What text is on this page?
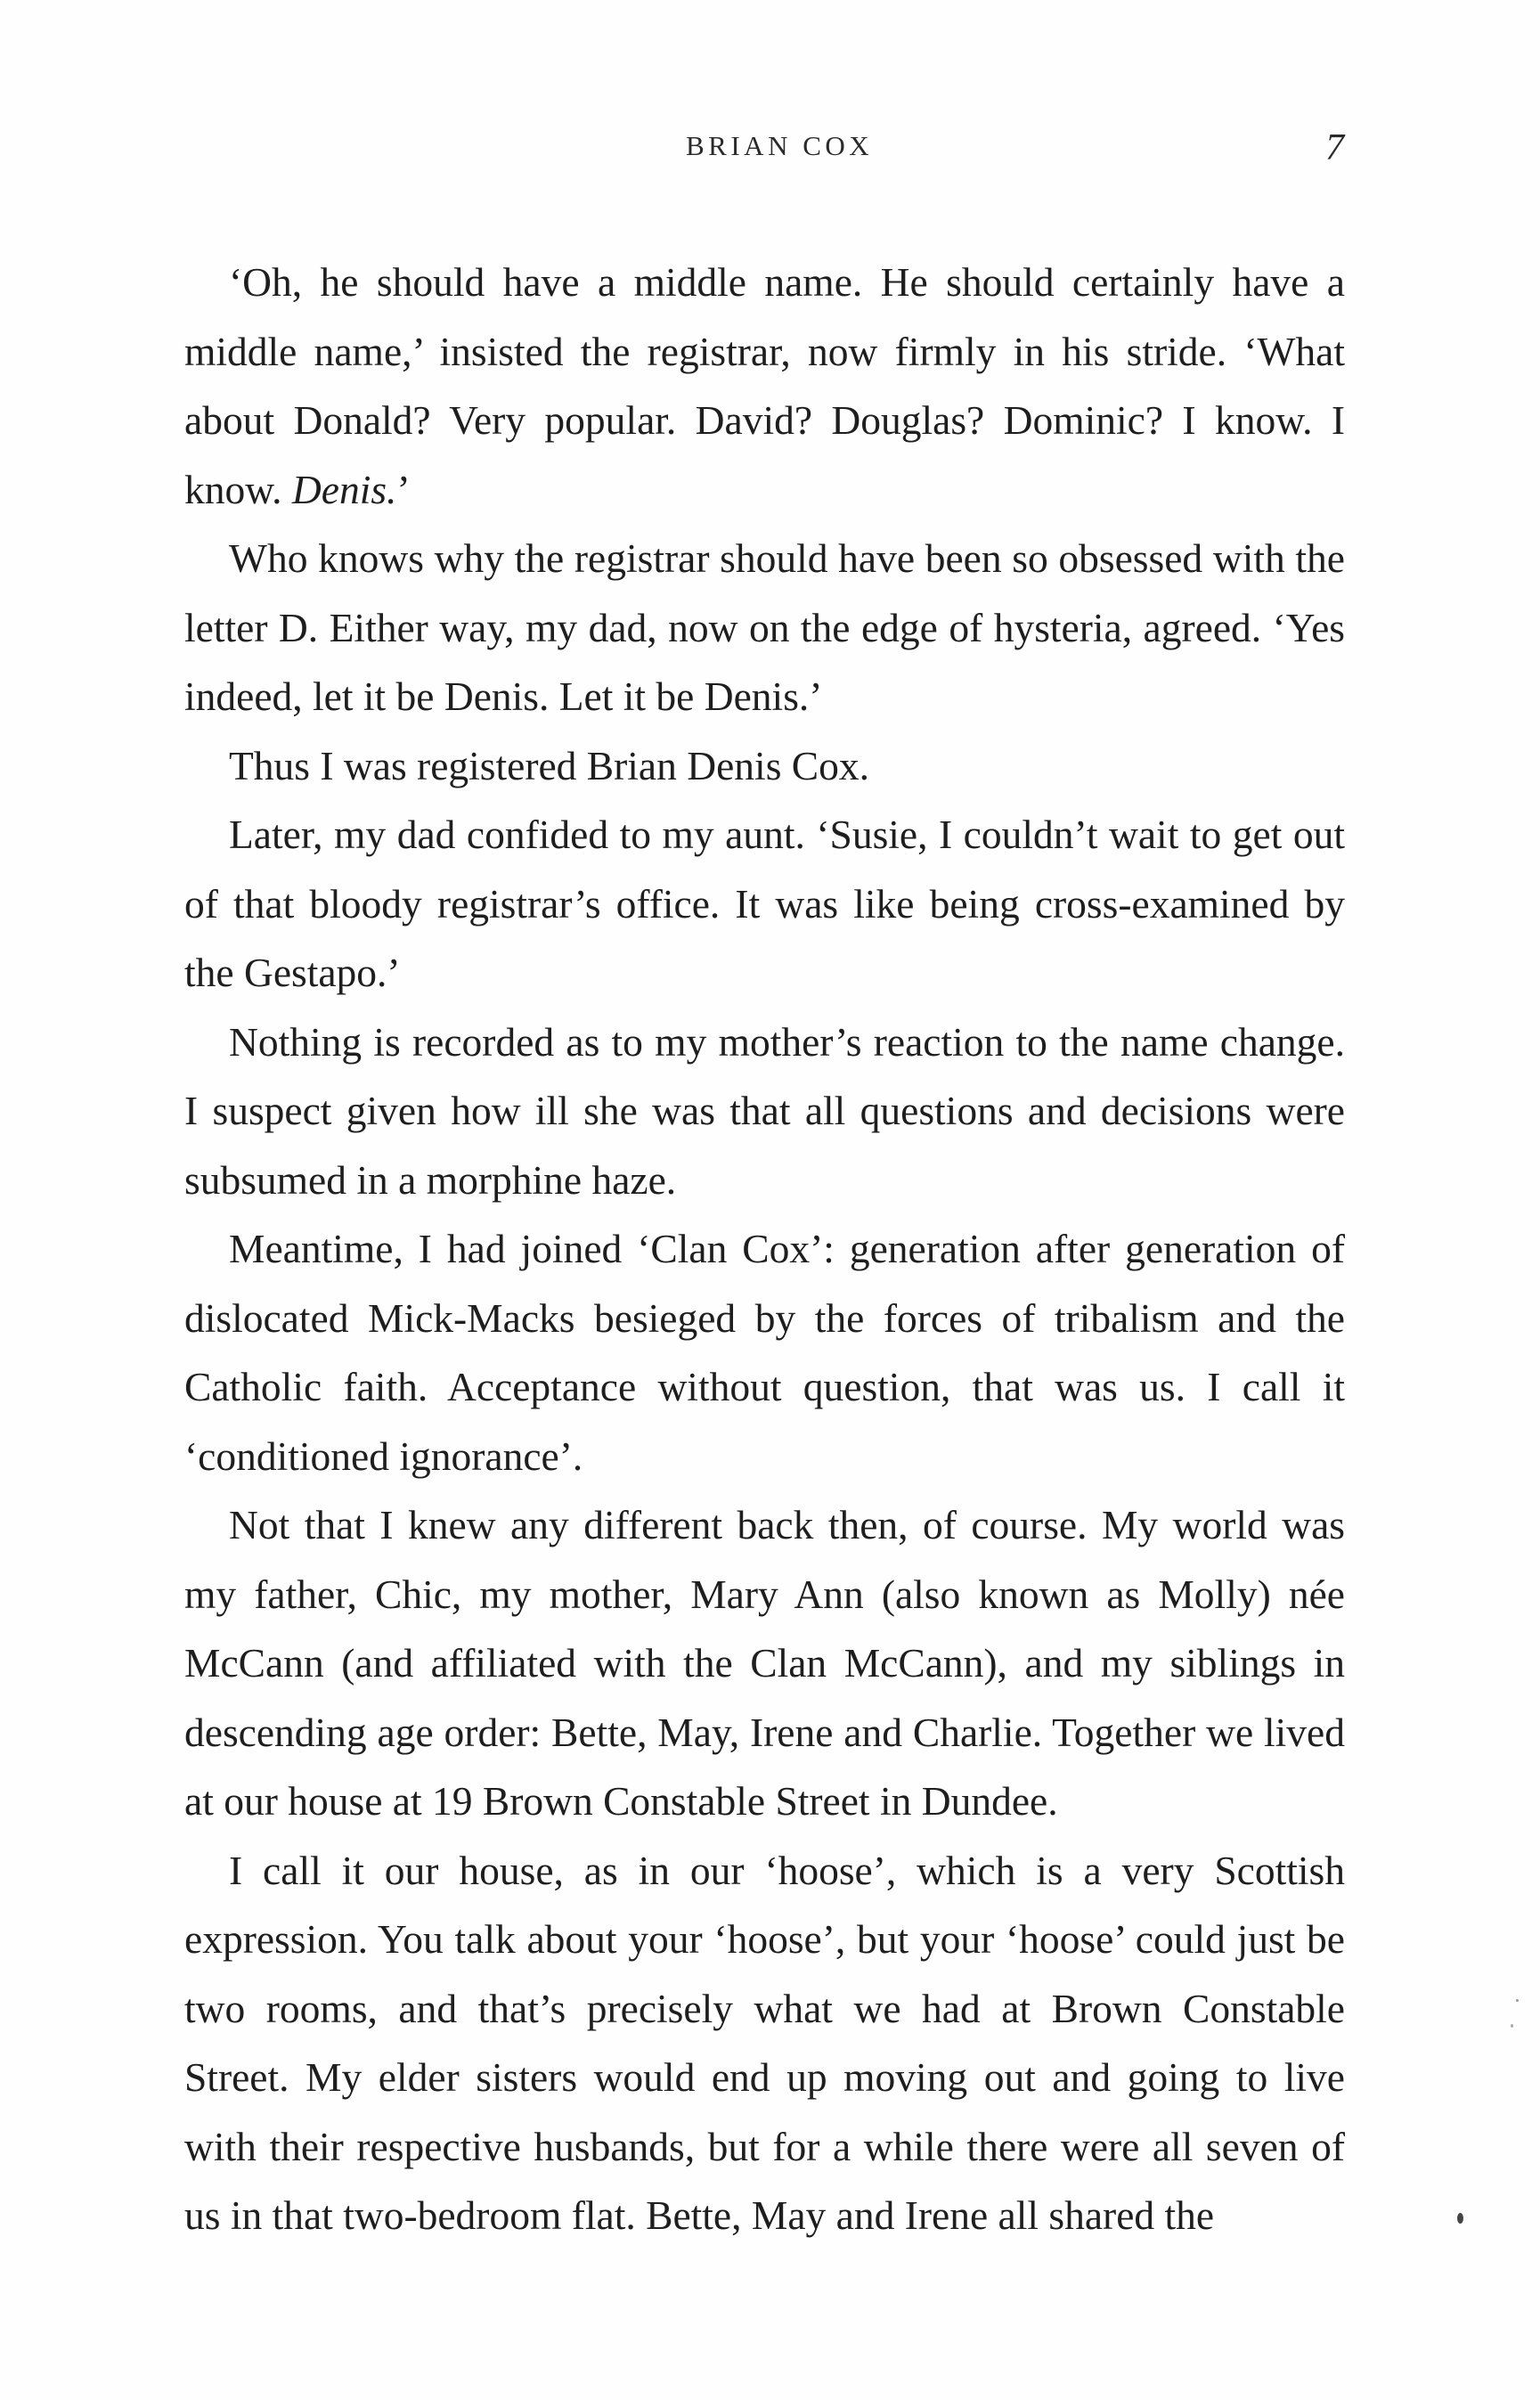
BRIAN COX	7

‘Oh, he should have a middle name. He should certainly have a middle name,’ insisted the registrar, now firmly in his stride. ‘What about Donald? Very popular. David? Douglas? Dominic? I know. I know. Denis.’

Who knows why the registrar should have been so obsessed with the letter D. Either way, my dad, now on the edge of hysteria, agreed. ‘Yes indeed, let it be Denis. Let it be Denis.’

Thus I was registered Brian Denis Cox.

Later, my dad confided to my aunt. ‘Susie, I couldn’t wait to get out of that bloody registrar’s office. It was like being cross-examined by the Gestapo.’

Nothing is recorded as to my mother’s reaction to the name change. I suspect given how ill she was that all questions and decisions were subsumed in a morphine haze.

Meantime, I had joined ‘Clan Cox’: generation after generation of dislocated Mick-Macks besieged by the forces of tribalism and the Catholic faith. Acceptance without question, that was us. I call it ‘conditioned ignorance’.

Not that I knew any different back then, of course. My world was my father, Chic, my mother, Mary Ann (also known as Molly) née McCann (and affiliated with the Clan McCann), and my siblings in descending age order: Bette, May, Irene and Charlie. Together we lived at our house at 19 Brown Constable Street in Dundee.

I call it our house, as in our ‘hoose’, which is a very Scottish expression. You talk about your ‘hoose’, but your ‘hoose’ could just be two rooms, and that’s precisely what we had at Brown Constable Street. My elder sisters would end up moving out and going to live with their respective husbands, but for a while there were all seven of us in that two-bedroom flat. Bette, May and Irene all shared the
